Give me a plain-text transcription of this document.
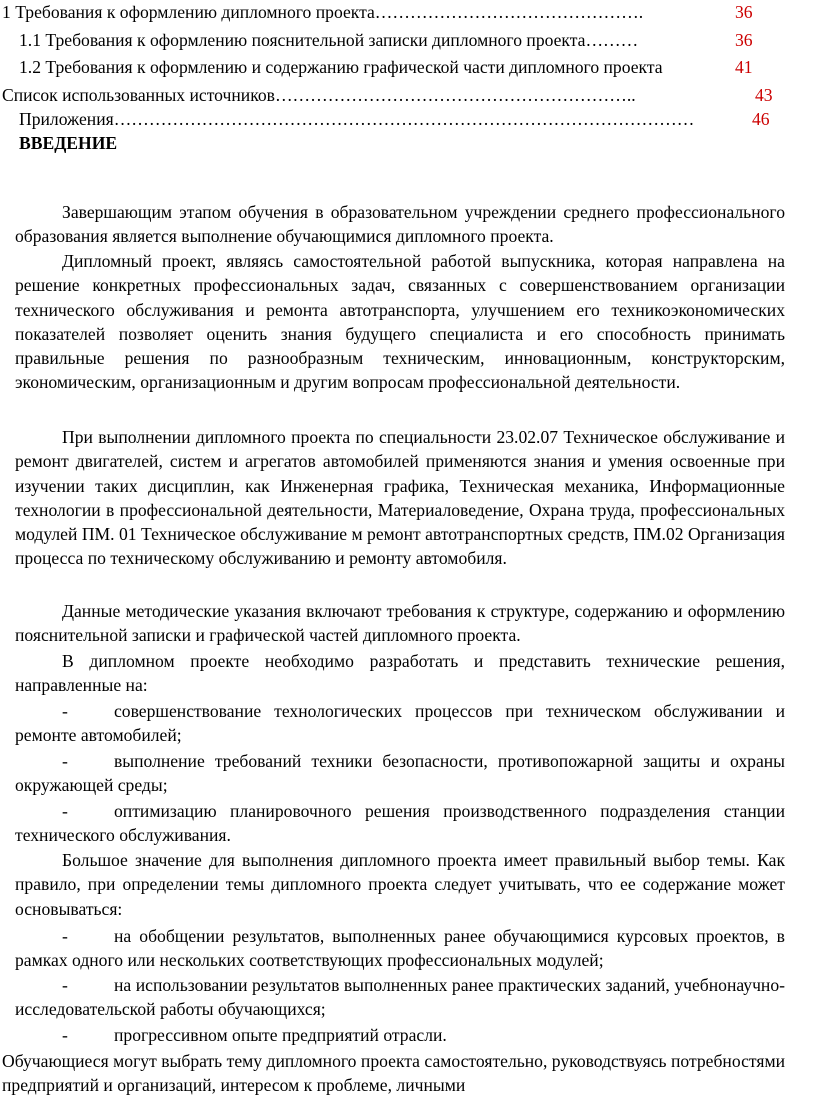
1 Требования к оформлению дипломного проекта……………………………………….	36
1.1 Требования к оформлению пояснительной записки дипломного проекта………	36
1.2 Требования к оформлению и содержанию графической части дипломного проекта	41
Список использованных источников……………………………………………………..	43
Приложения………………………………………………………………………………………	46
ВВЕДЕНИЕ

Завершающим этапом обучения в образовательном учреждении среднего профессионального образования является выполнение обучающимися дипломного проекта.

Дипломный проект, являясь самостоятельной работой выпускника, которая направлена на решение конкретных профессиональных задач, связанных с совершенствованием организации технического обслуживания и ремонта автотранспорта, улучшением его техникоэкономических показателей позволяет оценить знания будущего специалиста и его способность принимать правильные решения по разнообразным техническим, инновационным, конструкторским, экономическим, организационным и другим вопросам профессиональной деятельности.

При выполнении дипломного проекта по специальности 23.02.07 Техническое обслуживание и ремонт двигателей, систем и агрегатов автомобилей применяются знания и умения освоенные при изучении таких дисциплин, как Инженерная графика, Техническая механика, Информационные технологии в профессиональной деятельности, Материаловедение, Охрана труда, профессиональных модулей ПМ. 01 Техническое обслуживание м ремонт автотранспортных средств, ПМ.02 Организация процесса по техническому обслуживанию и ремонту автомобиля.

Данные методические указания включают требования к структуре, содержанию и оформлению пояснительной записки и графической частей дипломного проекта.

В дипломном проекте необходимо разработать и представить технические решения, направленные на:

-	совершенствование технологических процессов при техническом обслуживании и ремонте автомобилей;

-	выполнение требований техники безопасности, противопожарной защиты и охраны окружающей среды;

-	оптимизацию планировочного решения производственного подразделения станции технического обслуживания.

Большое значение для выполнения дипломного проекта имеет правильный выбор темы. Как правило, при определении темы дипломного проекта следует учитывать, что ее содержание может основываться:

-	на обобщении результатов, выполненных ранее обучающимися курсовых проектов, в рамках одного или нескольких соответствующих профессиональных модулей;

-	на использовании результатов выполненных ранее практических заданий, учебнонаучно-исследовательской работы обучающихся;

-	прогрессивном опыте предприятий отрасли.

Обучающиеся могут выбрать тему дипломного проекта самостоятельно, руководствуясь потребностями предприятий и организаций, интересом к проблеме, личными
